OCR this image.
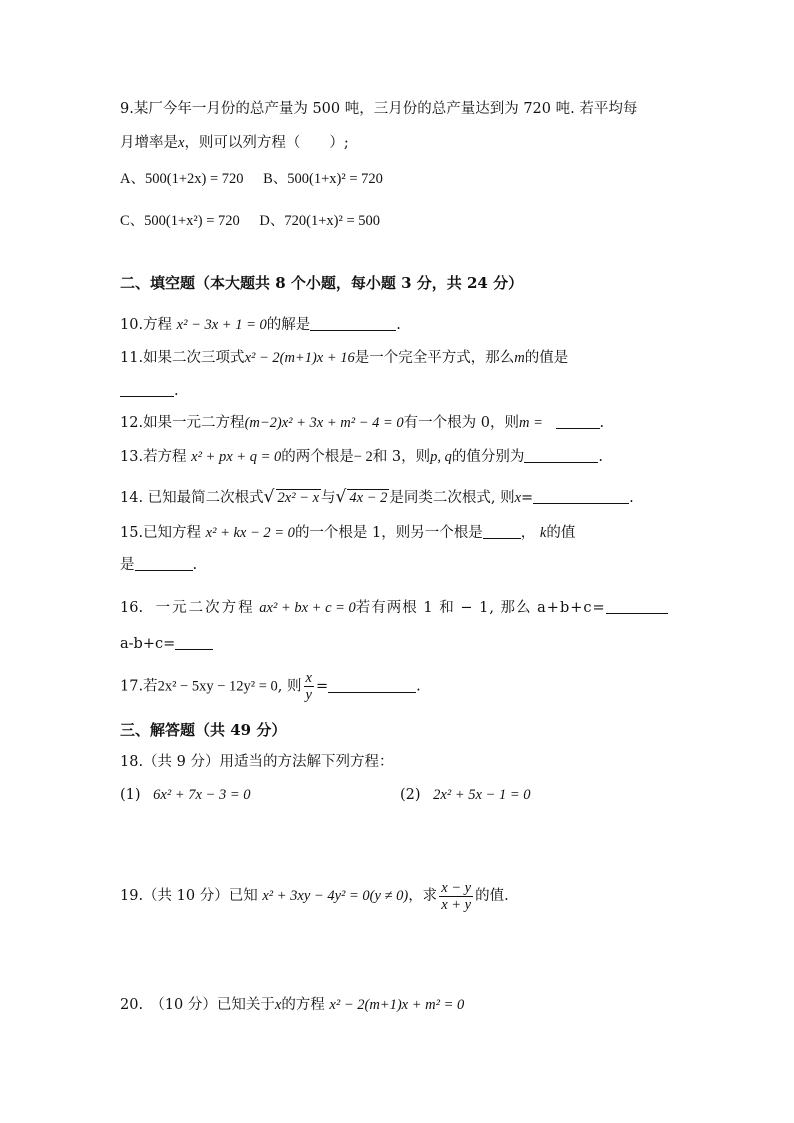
9.某厂今年一月份的总产量为 500 吨，三月份的总产量达到为 720 吨. 若平均每
月增率是x，则可以列方程（　　）;
A、500(1+2x) = 720 B、500(1+x)² = 720
C、500(1+x²) = 720 D、720(1+x)² = 500
二、填空题（本大题共 8 个小题，每小题 3 分，共 24 分）
10.方程 x² − 3x + 1 = 0的解是	.
11.如果二次三项式x² − 2(m+1)x + 16是一个完全平方式，那么m的值是
.
12.如果一元二方程(m−2)x² + 3x + m² − 4 = 0有一个根为 0，则m =	.
13.若方程 x² + px + q = 0的两个根是− 2和 3，则p, q的值分别为	.
14. 已知最简二次根式√ 2x² − x 与√ 4x − 2 是同类二次根式, 则x=	.
15.已知方程 x² + kx − 2 = 0的一个根是 1，则另一个根是	， k的值
是	.
16. 一元二次方程 ax² + bx + c = 0若有两根 1 和 − 1, 那么 a+b+c=
a-b+c=
17.若2x² − 5xy − 12y² = 0, 则 $\frac{x}{y}$ =	.
三、解答题（共 49 分）
18.（共 9 分）用适当的方法解下列方程：
(1) 6x² + 7x − 3 = 0	(2) 2x² + 5x − 1 = 0
19.（共 10 分）已知 x² + 3xy − 4y² = 0(y ≠ 0)，求 $\frac{x - y}{x + y}$ 的值.
20.　（10 分）已知关于x的方程 x² − 2(m+1)x + m² = 0
